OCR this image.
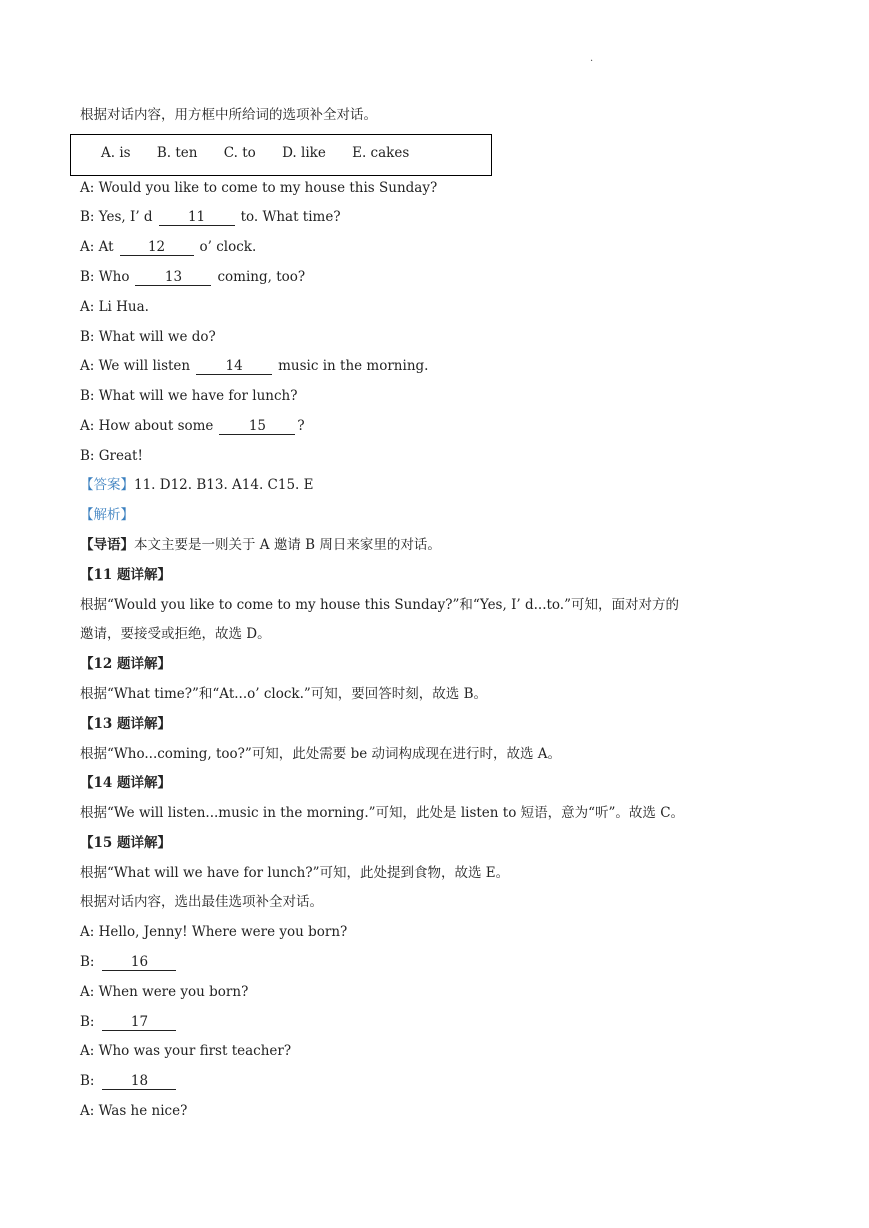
·
根据对话内容，用方框中所给词的选项补全对话。
A. is B. ten C. to D. like E. cakes
A: Would you like to come to my house this Sunday?
B: Yes, I’ d	11	to. What time?
A: At	12	o’ clock.
B: Who	13	coming, too?
A: Li Hua.
B: What will we do?
A: We will listen	14	music in the morning.
B: What will we have for lunch?
A: How about some	15 ?
B: Great!
【答案】11. D12. B13. A14. C15. E
【解析】
【导语】本文主要是一则关于 A 邀请 B 周日来家里的对话。
【11 题详解】
根据“Would you like to come to my house this Sunday?”和“Yes, I’ d...to.”可知，面对对方的
邀请，要接受或拒绝，故选 D。
【12 题详解】
根据“What time?”和“At...o’ clock.”可知，要回答时刻，故选 B。
【13 题详解】
根据“Who...coming, too?”可知，此处需要 be 动词构成现在进行时，故选 A。
【14 题详解】
根据“We will listen...music in the morning.”可知，此处是 listen to 短语，意为“听”。故选 C。
【15 题详解】
根据“What will we have for lunch?”可知，此处提到食物，故选 E。
根据对话内容，选出最佳选项补全对话。
A: Hello, Jenny! Where were you born?
B:	16
A: When were you born?
B:	17
A: Who was your first teacher?
B:	18
A: Was he nice?
